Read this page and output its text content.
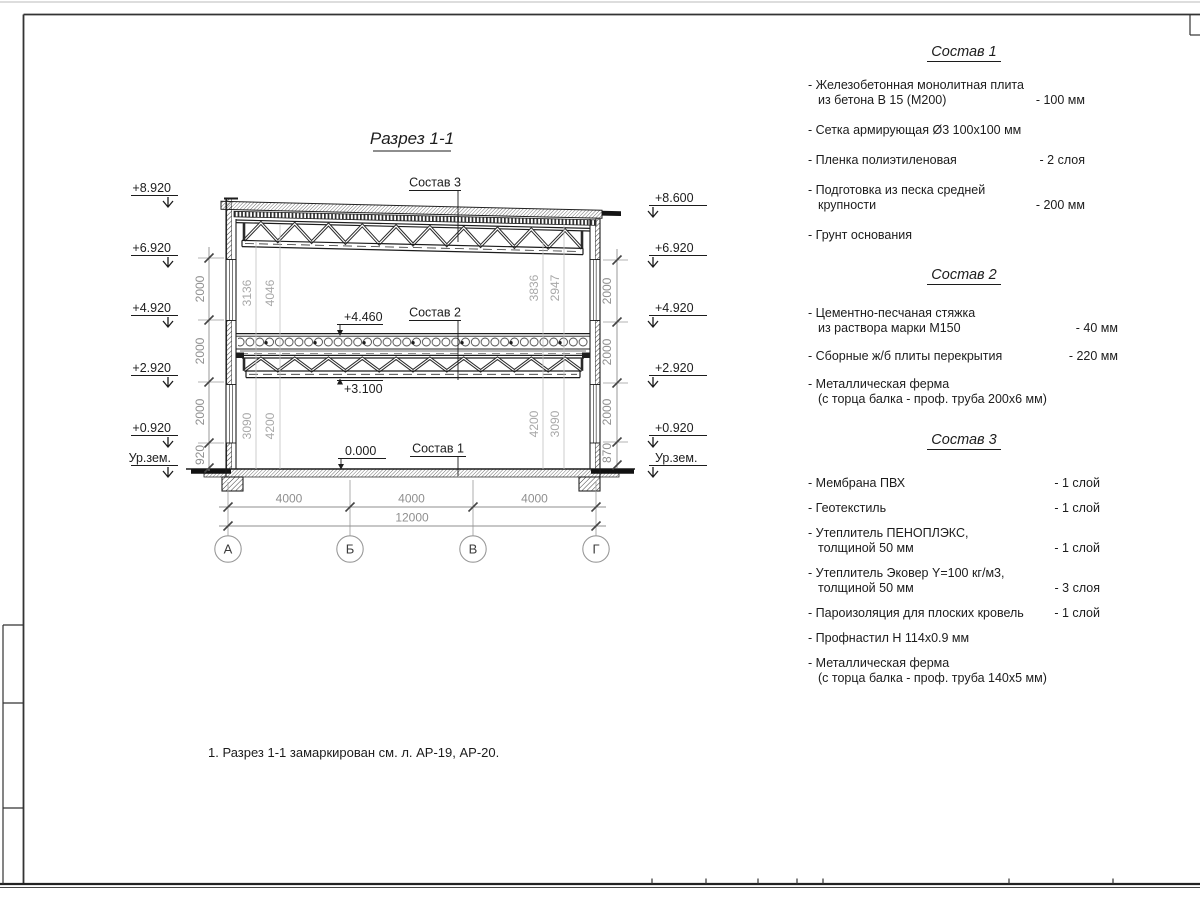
Разрез 1-1
Состав 3
Состав 2
Состав 1
+4.460
+3.100
0.000
+8.920
+6.920
+4.920
+2.920
+0.920
Ур.зем.
+8.600
+6.920
+4.920
+2.920
+0.920
Ур.зем.
2000
2000
2000
920
2000
2000
2000
870
3136 4046
3090 4200
3836 2947
4200 3090
4000	4000	4000
12000
А	Б	В	Г
Состав 1
- Железобетонная монолитная плита
из бетона В 15 (М200)	- 100 мм
- Сетка армирующая Ø3 100х100 мм
- Пленка полиэтиленовая	- 2 слоя
- Подготовка из песка средней
крупности	- 200 мм
- Грунт основания
Состав 2
- Цементно-песчаная стяжка
из раствора марки М150	- 40 мм
- Сборные ж/б плиты перекрытия	- 220 мм
- Металлическая ферма
(с торца балка - проф. труба 200х6 мм)
Состав 3
- Мембрана ПВХ	- 1 слой
- Геотекстиль	- 1 слой
- Утеплитель ПЕНОПЛЭКС,
толщиной 50 мм	- 1 слой
- Утеплитель Эковер Y=100 кг/м3,
толщиной 50 мм	- 3 слоя
- Пароизоляция для плоских кровель - 1 слой
- Профнастил Н 114х0.9 мм
- Металлическая ферма
(с торца балка - проф. труба 140х5 мм)
1. Разрез 1-1 замаркирован см. л. АР-19, АР-20.
